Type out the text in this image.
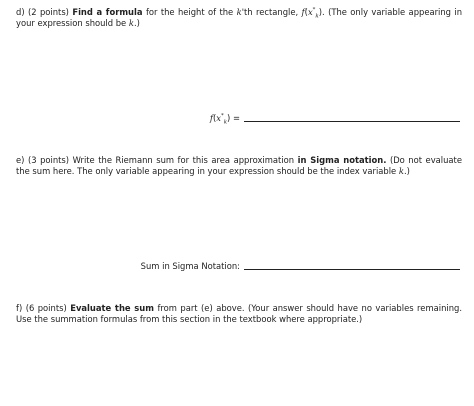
d) (2 points) Find a formula for the height of the k'th rectangle, $f(x^*_k)$. (The only variable appearing in your expression should be k.)
$f(x^*_k)$ =
e) (3 points) Write the Riemann sum for this area approximation in Sigma notation. (Do not evaluate the sum here. The only variable appearing in your expression should be the index variable k.)
Sum in Sigma Notation:
f) (6 points) Evaluate the sum from part (e) above. (Your answer should have no variables remaining. Use the summation formulas from this section in the textbook where appropriate.)
